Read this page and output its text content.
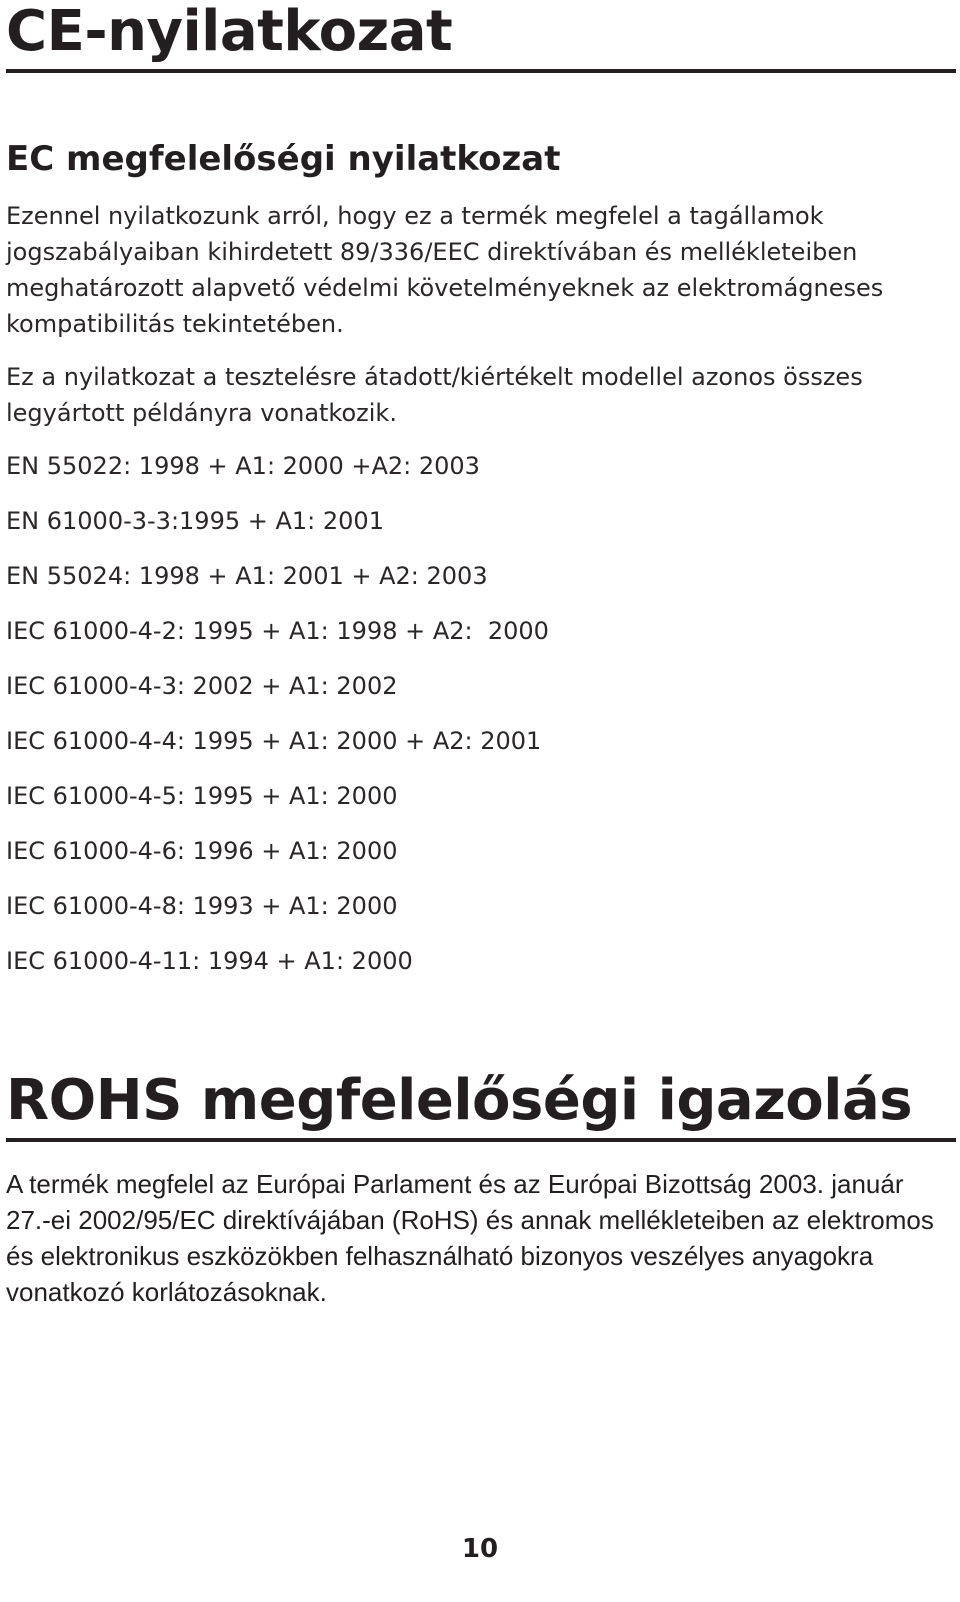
CE-nyilatkozat
EC megfelelőségi nyilatkozat

Ezennel nyilatkozunk arról, hogy ez a termék megfelel a tagállamok jogszabályaiban kihirdetett 89/336/EEC direktívában és mellékleteiben meghatározott alapvető védelmi követelményeknek az elektromágneses kompatibilitás tekintetében.

Ez a nyilatkozat a tesztelésre átadott/kiértékelt modellel azonos összes legyártott példányra vonatkozik.

EN 55022: 1998 + A1: 2000 +A2: 2003
EN 61000-3-3:1995 + A1: 2001
EN 55024: 1998 + A1: 2001 + A2: 2003
IEC 61000-4-2: 1995 + A1: 1998 + A2:  2000
IEC 61000-4-3: 2002 + A1: 2002
IEC 61000-4-4: 1995 + A1: 2000 + A2: 2001
IEC 61000-4-5: 1995 + A1: 2000
IEC 61000-4-6: 1996 + A1: 2000
IEC 61000-4-8: 1993 + A1: 2000
IEC 61000-4-11: 1994 + A1: 2000
ROHS megfelelőségi igazolás

A termék megfelel az Európai Parlament és az Európai Bizottság 2003. január 27.-ei 2002/95/EC direktívájában (RoHS) és annak mellékleteiben az elektromos és elektronikus eszközökben felhasználható bizonyos veszélyes anyagokra vonatkozó korlátozásoknak.

10
